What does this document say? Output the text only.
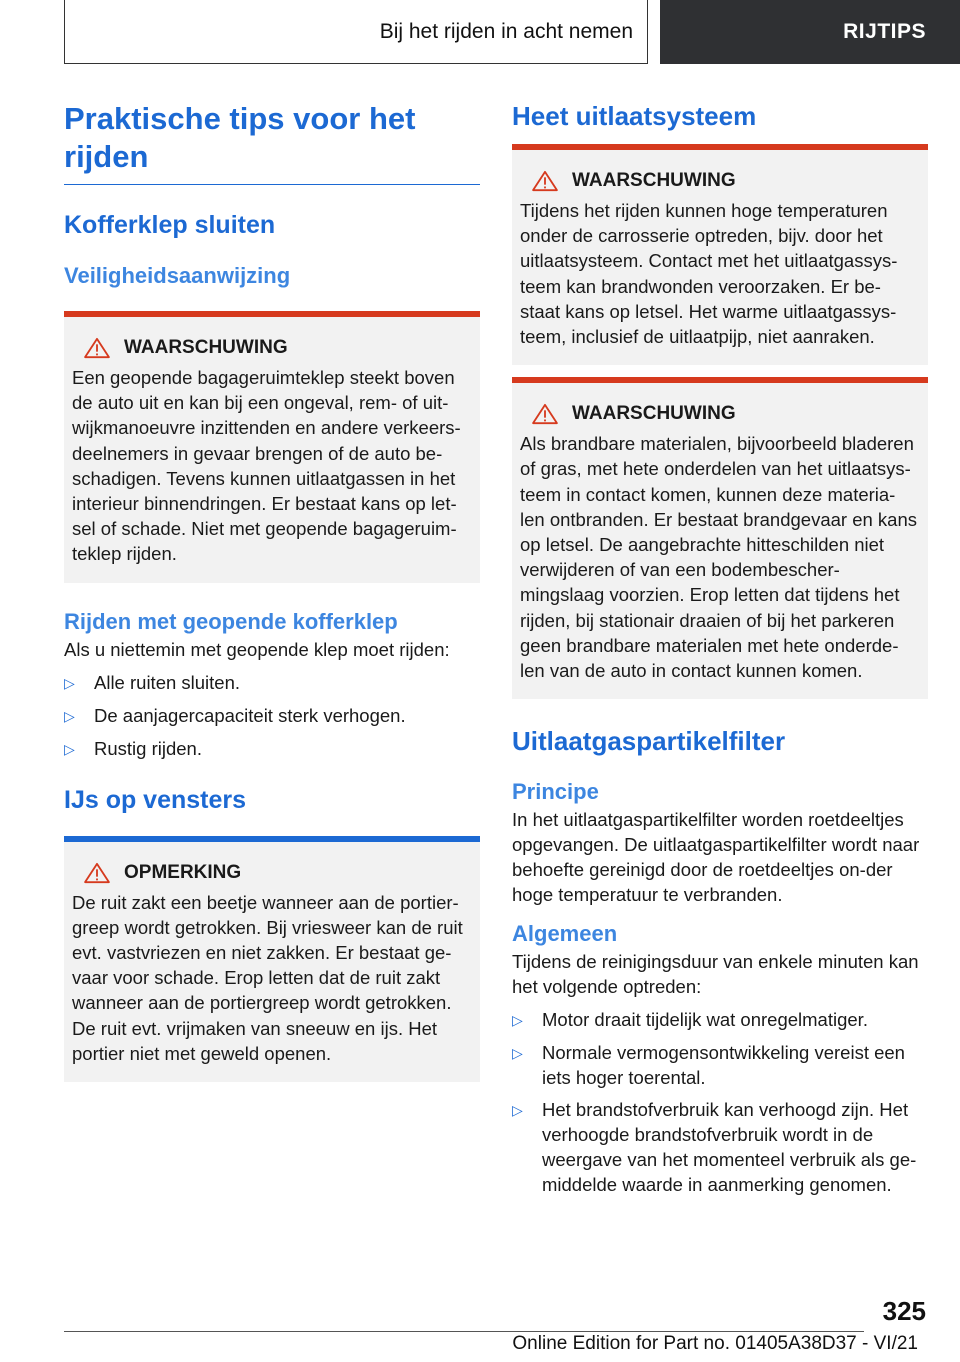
Bij het rijden in acht nemen	RIJTIPS
Praktische tips voor het rijden
Kofferklep sluiten
Veiligheidsaanwijzing
WAARSCHUWING

Een geopende bagageruimteklep steekt boven de auto uit en kan bij een ongeval, rem- of uit-wijkmanoeuvre inzittenden en andere verkeers-deelnemers in gevaar brengen of de auto be-schadigen. Tevens kunnen uitlaatgassen in het interieur binnendringen. Er bestaat kans op let-sel of schade. Niet met geopende bagageruim-teklep rijden.

Rijden met geopende kofferklep

Als u niettemin met geopende klep moet rijden:

▷	Alle ruiten sluiten.
▷	De aanjagercapaciteit sterk verhogen.
▷	Rustig rijden.
IJs op vensters
OPMERKING

De ruit zakt een beetje wanneer aan de portier-greep wordt getrokken. Bij vriesweer kan de ruit evt. vastvriezen en niet zakken. Er bestaat ge-vaar voor schade. Erop letten dat de ruit zakt wanneer aan de portiergreep wordt getrokken. De ruit evt. vrijmaken van sneeuw en ijs. Het portier niet met geweld openen.

Heet uitlaatsysteem
WAARSCHUWING

Tijdens het rijden kunnen hoge temperaturen onder de carrosserie optreden, bijv. door het uitlaatsysteem. Contact met het uitlaatgassys-teem kan brandwonden veroorzaken. Er be-staat kans op letsel. Het warme uitlaatgassys-teem, inclusief de uitlaatpijp, niet aanraken.

WAARSCHUWING

Als brandbare materialen, bijvoorbeeld bladeren of gras, met hete onderdelen van het uitlaatsys-teem in contact komen, kunnen deze materia-len ontbranden. Er bestaat brandgevaar en kans op letsel. De aangebrachte hitteschilden niet verwijderen of van een bodembescher-mingslaag voorzien. Erop letten dat tijdens het rijden, bij stationair draaien of bij het parkeren geen brandbare materialen met hete onderde-len van de auto in contact kunnen komen.

Uitlaatgaspartikelfilter
Principe

In het uitlaatgaspartikelfilter worden roetdeeltjes opgevangen. De uitlaatgaspartikelfilter wordt naar behoefte gereinigd door de roetdeeltjes on-der hoge temperatuur te verbranden.

Algemeen

Tijdens de reinigingsduur van enkele minuten kan het volgende optreden:

▷	Motor draait tijdelijk wat onregelmatiger.
▷	Normale vermogensontwikkeling vereist een iets hoger toerental.
▷	Het brandstofverbruik kan verhoogd zijn. Het verhoogde brandstofverbruik wordt in de weergave van het momenteel verbruik als ge-middelde waarde in aanmerking genomen.
325
Online Edition for Part no. 01405A38D37 - VI/21
